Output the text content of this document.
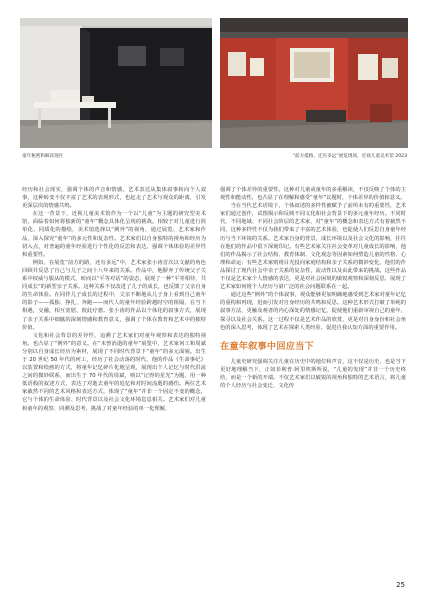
童年秘密和解读现区	“前方抵路，还有多远”展览现场，近视儿童美术馆 2023

经历和社会现实，强调个体的声音和情感。艺术表达从集体叙事转向个人叙事，这种转变不仅丰富了艺术的表现形式，也赶走了艺术与观众的距离，引发更深层次的情感共鸣。

在这一背景下，近视儿童美术馆作为一个以“儿童”为主题的研究型美术馆，面临着如何将独新的“童年”概念具体化呈现的挑战。相较于对儿童进行简单化、同质化的描绘，美术馆选择以“例外”的视角，通过展览、艺术家和作品，深入探究“童年”的多元性和复杂性。艺术家们以自身独特的视角和经历为切入点，对普遍的童年经验进行个性化的反思和表达，强调个体体验的差异性和重要性。

例如，在展览“前方的路，还有多远”中，艺术家张小涛首次以文献的角色回顾并反思了自己与儿子之间十八年来的关系。作品中，他摒弃了传统父子关系中权威与服从的模式，转而以“平等对话”的姿态，展现了一种“平等相待，共同成长”的新型亲子关系。这种关系不仅改进了儿子的成长，也反馈了父亲自身的生命体验。在同伴儿子成长的过程中，父亲不断地从儿子身上看到自己童年的影子——孤独、挣扎、奔跑——而代人的童年经验跨越时空的阻隔，在当下相遇，交融，相互宽慰，彼此疗愈。张小涛的作品以个体化的叙事方式，展现了亲子关系中细腻的深刻情感和教育意义，强调了个体在教育和艺术中的独特价值。

文化和社会背景的差异性，追溯了艺术家们对童年观察和表达的独特视角。也凸显了“例外”的意义。在“未曾消逝的童年”展览中，艺术家何工和周斌分别以自身成长经历为素材，展现了不同时代背景下“童年”的多元面貌。出生于 20 世纪 50 年代的何工，经历了社会动荡的时代，他的作品《生命事纪》以装置和绘画的方式，将童年记忆碎片化地呈现，展现出个人记忆与时代洪流之间的微妙联系，而出生于 70 年代的周斌，则以“记得的星光”为题，用一种低语般的叙述方式，表达了对逝去童年的追忆和对时间流逝的感伤。两位艺术家截然不同的艺术风格和表达方式，体现了“童年”并非一个固定不变的概念，它与个体的生命体验、时代背景以及社会文化环境息息相关。艺术家们对儿童和童年的观察、回溯及思考，挑战了对童年经验的单一化理解，

强调了个体差异的重要性。这种对儿童或童年的多重解读，不仅反映了个体的主观性和能动性，也凸显了在理解和感受“童年”议题时，个体差异的价值和意义。

当在当代艺术语境下，个体叙述的多样性被赋予了前所未有的重要性，艺术家们通过创作，试图揭示和反映不同文化和社会背景下的多元童年经历。不同时代、不同地域、不同社会阶层的艺术家，对“童年”的概念和表达方式有着截然不同，这种多样性不仅为我们带来了丰富的艺术体验，也促使人们反思自身童年经历与当下环境的关系。艺术家自身的背景，成长环境以及社会文化的影响，往往在他们的作品中留下深刻印记。有些艺术家关注社会变革对儿童成长的影响，他们的作品揭示了社会结构、教育体制、文化观念等因素如何塑造儿童的性格、心理和命运；有些艺术家则将目光投向家庭结构和亲子关系的微妙变化，他们的作品探讨了现代社会中亲子关系的复杂性，流动性以及由此带来的挑战。这些作品不仅是艺术家个人情感的表达，更是对社会困境的敏锐观察和深刻反思，展现了艺术家如何将个人经历与第广泛的社会问题联系在一起。

通过这些“例外”的个体叙事，观众能够更加明确地感受到艺术家对童年记忆的重构和再现，进而引发对自身经历的共鸣和反思。这种艺术形式打破了单纯的叙事方法，更触及观者的内心深处的情感记忆，促使他们重新审视自己的童年，探寻以及社会关系。这一过程不仅是艺术作品的欣赏，更是对自身身份和社会角色的深入思考，体现了艺术在探索人类经验、促进自我认知方面的重要作用。

在童年叙事中回应当下

儿童史研究强调关注儿童在历史中的地位和声音，这不仅是历史，也是当下更好地理解当下，正如菲利普·阿里埃斯所说，“儿童的发现”并非一个历史终结，而是一个新的开端。不仅艺术家们以敏锐的视角和独特的艺术语言，将儿童的个人经历与社会变迁、文化传

25
